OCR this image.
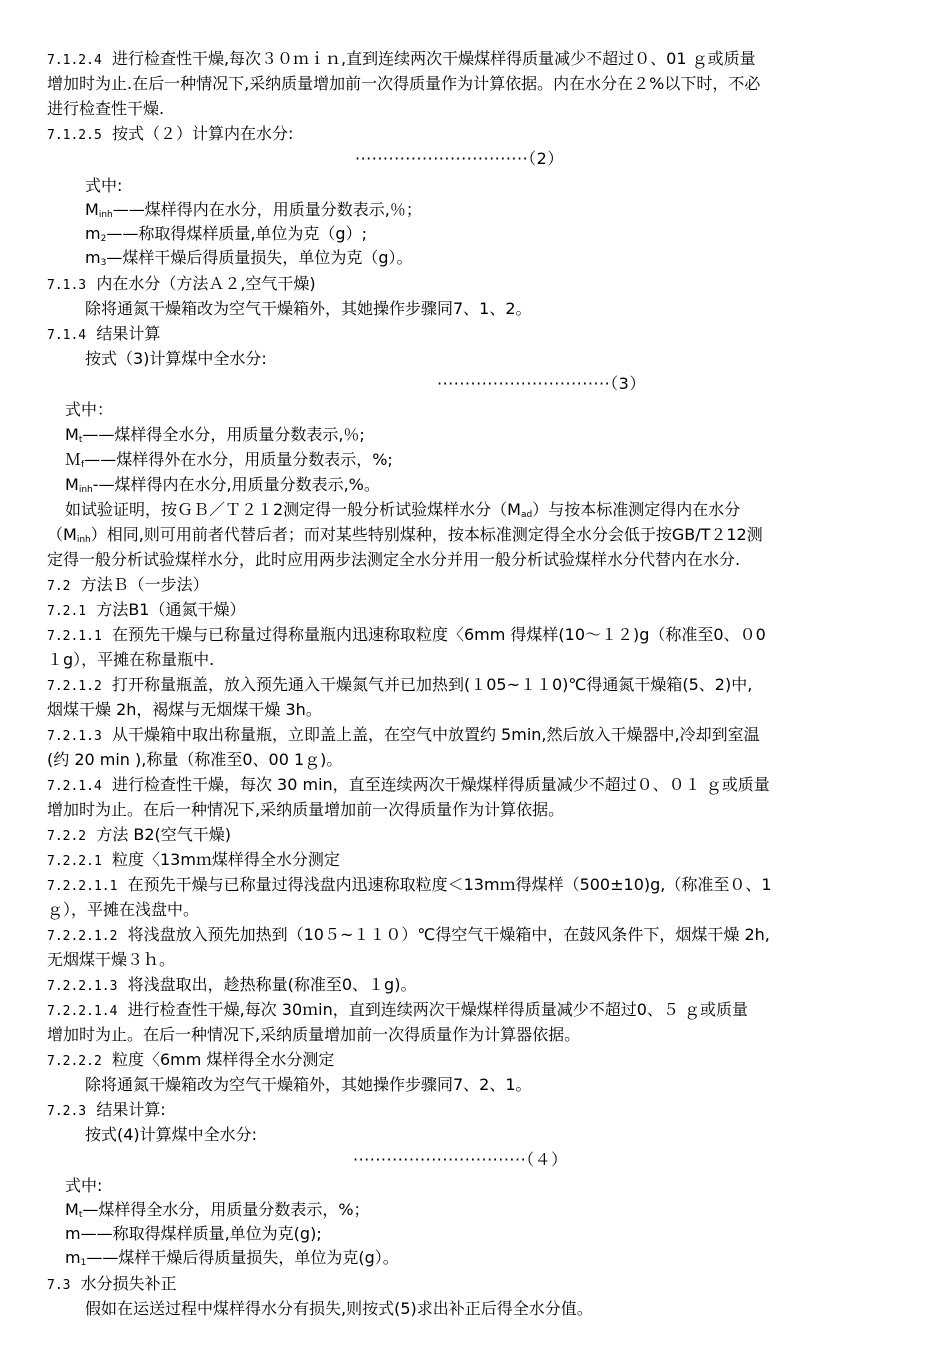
7.1.2.4 进行检查性干燥,每次３０ｍｉｎ,直到连续两次干燥煤样得质量减少不超过０、01 ｇ或质量
增加时为止.在后一种情况下,采纳质量增加前一次得质量作为计算依据。内在水分在２%以下时，不必
进行检查性干燥.
7.1.2.5 按式（２）计算内在水分:
·······························（2）
式中:
$M_{inh}——$煤样得内在水分，用质量分数表示,％；
$m_2——$称取得煤样质量,单位为克（g）;
$m_3—$煤样干燥后得质量损失，单位为克（g）。
7.1.3 内在水分（方法Ａ２,空气干燥)
除将通氮干燥箱改为空气干燥箱外，其她操作步骤同7、1、2。
7.1.4 结果计算
按式（3)计算煤中全水分:
·······························（3）
式中：
$M_t——$煤样得全水分，用质量分数表示,％;
Ｍ$_f$——煤样得外在水分，用质量分数表示，%;
$M_{inh}-—$煤样得内在水分,用质量分数表示,%。
如试验证明，按ＧＢ／Ｔ２１2测定得一般分析试验煤样水分$(M_{ad})$与按本标准测定得内在水分
$(M_{inh})$相同,则可用前者代替后者；而对某些特别煤种，按本标准测定得全水分会低于按GB/T２12测
定得一般分析试验煤样水分，此时应用两步法测定全水分并用一般分析试验煤样水分代替内在水分.
7.2 方法Ｂ（一步法）
7.2.1 方法B1（通氮干燥）
7.2.1.1 在预先干燥与已称量过得称量瓶内迅速称取粒度〈6mm 得煤样(10～１２)g（称准至0、０0
１g），平摊在称量瓶中.
7.2.1.2 打开称量瓶盖，放入预先通入干燥氮气并已加热到(１05~１１0)℃得通氮干燥箱(5、2)中,
烟煤干燥 2h，褐煤与无烟煤干燥 3h。
7.2.1.3 从干燥箱中取出称量瓶，立即盖上盖，在空气中放置约 5min,然后放入干燥器中,冷却到室温
(约 20 min ),称量（称准至0、00 1ｇ)。
7.2.1.4 进行检查性干燥，每次 30 min，直至连续两次干燥煤样得质量减少不超过０、０１ ｇ或质量
增加时为止。在后一种情况下,采纳质量增加前一次得质量作为计算依据。
7.2.2 方法 B2(空气干燥)
7.2.2.1 粒度〈13mｍ煤样得全水分测定
7.2.2.1.1 在预先干燥与已称量过得浅盘内迅速称取粒度＜13mｍ得煤样（500±10)g,（称准至０、1
ｇ），平摊在浅盘中。
7.2.2.1.2 将浅盘放入预先加热到（10５~１１０）℃得空气干燥箱中，在鼓风条件下，烟煤干燥 2h,
无烟煤干燥３ｈ。
7.2.2.1.3 将浅盘取出，趁热称量(称准至0、１g)。
7.2.2.1.4 进行检查性干燥,每次 30ｍin，直到连续两次干燥煤样得质量减少不超过0、５ ｇ或质量
增加时为止。在后一种情况下,采纳质量增加前一次得质量作为计算器依据。
7.2.2.2 粒度〈6mm 煤样得全水分测定
除将通氮干燥箱改为空气干燥箱外，其她操作步骤同7、2、1。
7.2.3 结果计算:
按式(4)计算煤中全水分:
·······························（４）
式中:
$M_t—$煤样得全水分，用质量分数表示，%；
m——称取得煤样质量,单位为克(g);
$m_1——$煤样干燥后得质量损失，单位为克(g）。
7.3 水分损失补正
假如在运送过程中煤样得水分有损失,则按式(5)求出补正后得全水分值。
